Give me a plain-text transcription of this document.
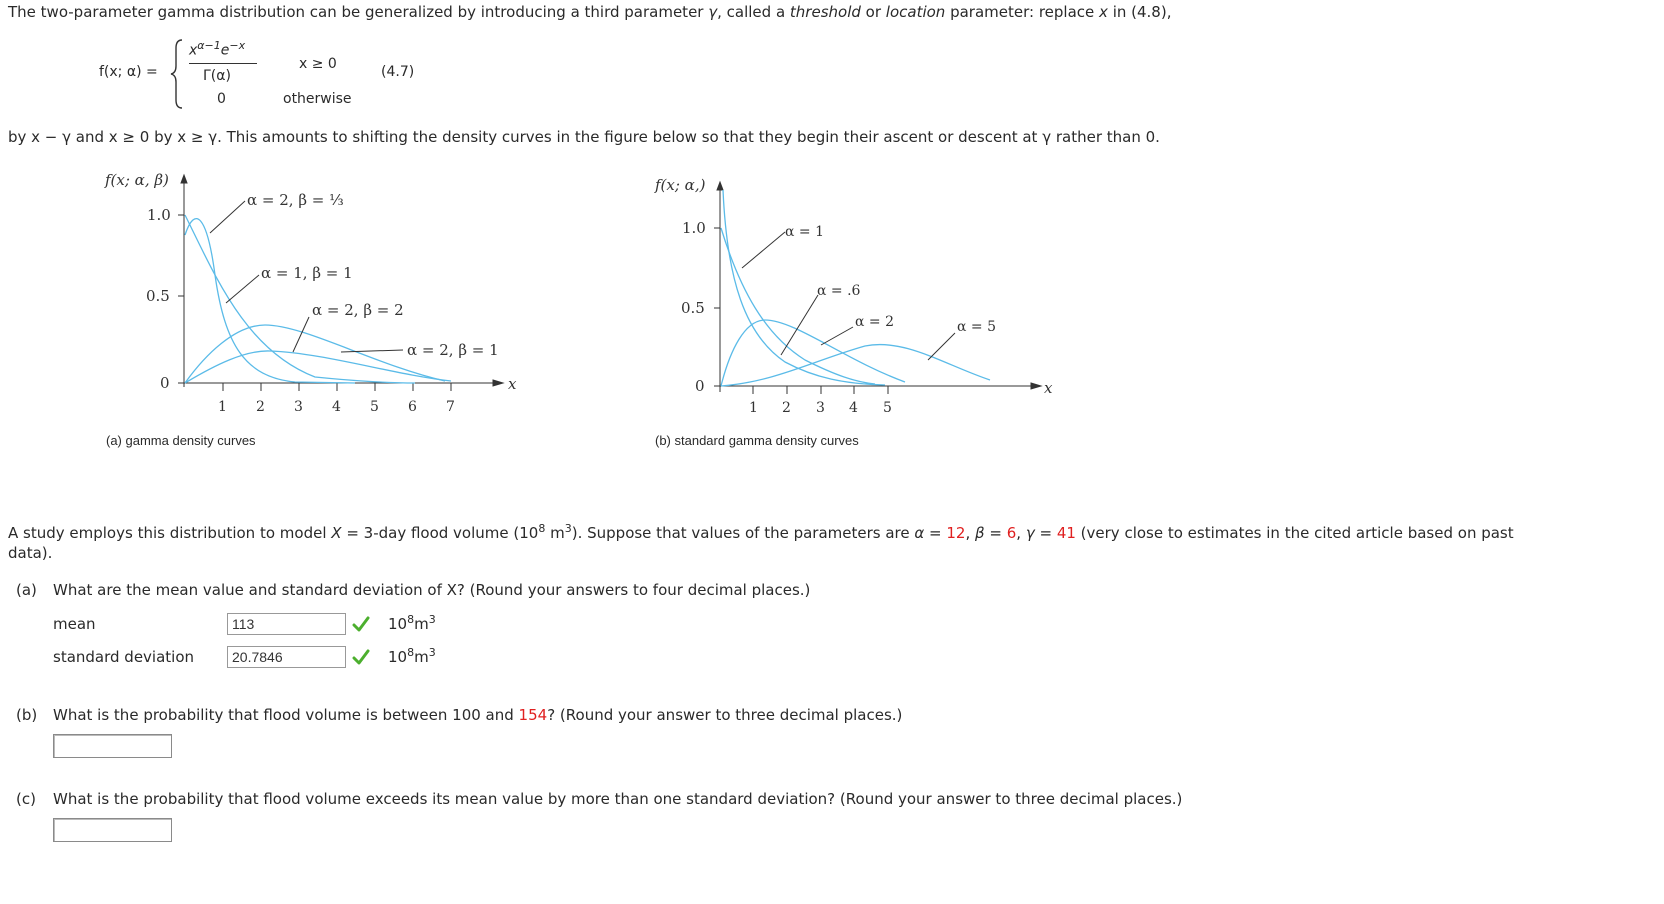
The two-parameter gamma distribution can be generalized by introducing a third parameter γ, called a threshold or location parameter: replace x in (4.8),
f(x; α) =
$x^{\alpha-1}e^{-x}$
Γ(α)
0
x ≥ 0
otherwise
(4.7)
by x − γ and x ≥ 0 by x ≥ γ. This amounts to shifting the density curves in the figure below so that they begin their ascent or descent at γ rather than 0.
α = 2, β = ⅓
α = 1, β = 1
α = 2, β = 2
α = 2, β = 1
f(x; α, β)
x
1.0
0.5
0
1 2 3 4 5 6 7
(a) gamma density curves
α = 1
α = .6
α = 2	α = 5
f(x; α,)
x
1.0
0.5
0
1 2 3 4 5
(b) standard gamma density curves
A study employs this distribution to model X = 3-day flood volume ($10^8$ $m^3$). Suppose that values of the parameters are α = 12, β = 6, γ = 41 (very close to estimates in the cited article based on past
data).
(a) What are the mean value and standard deviation of X? (Round your answers to four decimal places.)
mean
113	$10^8m^3$
standard deviation
20.7846	$10^8m^3$
(b) What is the probability that flood volume is between 100 and 154? (Round your answer to three decimal places.)
(c) What is the probability that flood volume exceeds its mean value by more than one standard deviation? (Round your answer to three decimal places.)
